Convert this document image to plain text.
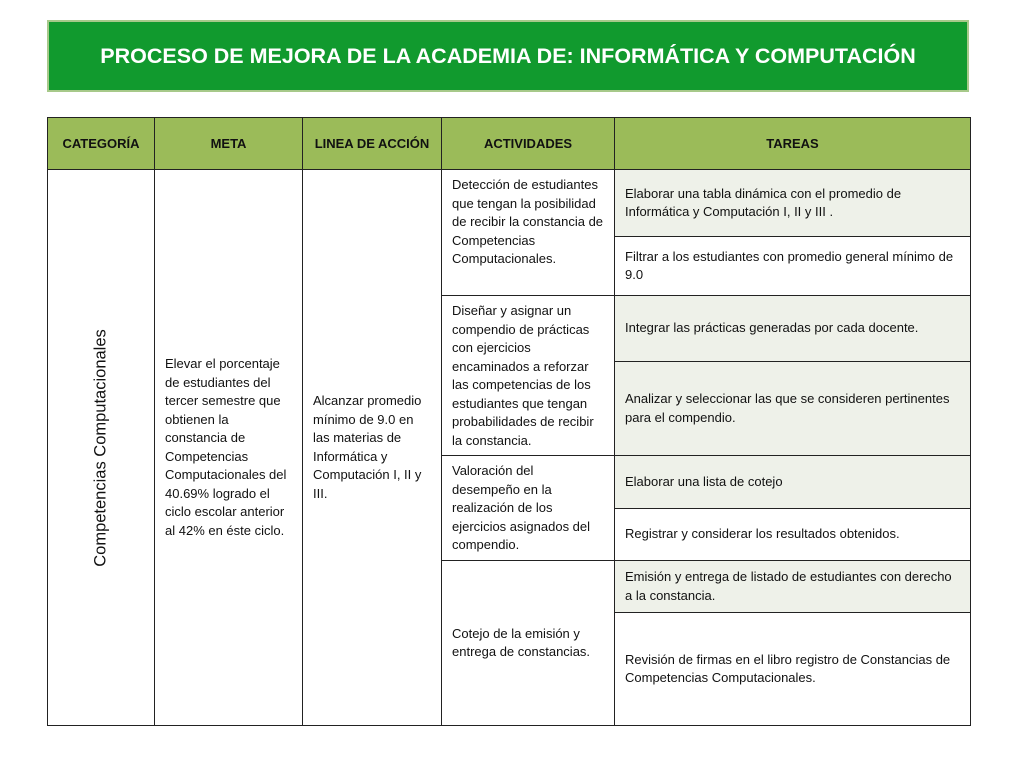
PROCESO DE MEJORA DE LA ACADEMIA DE: INFORMÁTICA Y COMPUTACIÓN
CATEGORÍA	META	LINEA DE ACCIÓN	ACTIVIDADES	TAREAS

Competencias Computacionales	Elevar el porcentaje de estudiantes del tercer semestre que obtienen la constancia de Competencias Computacionales del 40.69% logrado el ciclo escolar anterior al 42% en éste ciclo.	Alcanzar promedio mínimo de 9.0 en las materias de Informática y Computación I, II y III.	Detección de estudiantes que tengan la posibilidad de recibir la constancia de Competencias Computacionales.	Elaborar una tabla dinámica con el promedio de Informática y Computación I, II y III .
				Filtrar a los estudiantes con promedio general mínimo de 9.0
			Diseñar y asignar un compendio de prácticas con ejercicios encaminados a reforzar las competencias de los estudiantes que tengan probabilidades de recibir la constancia.	Integrar las prácticas generadas por cada docente.
				Analizar y seleccionar las que se consideren pertinentes para el compendio.
			Valoración del desempeño en la realización de los ejercicios asignados del compendio.	Elaborar una lista de cotejo
				Registrar y considerar los resultados obtenidos.
			Cotejo de la emisión y entrega de constancias.	Emisión y entrega de listado de estudiantes con derecho a la constancia.
				Revisión de firmas en el libro registro de Constancias de Competencias Computacionales.
